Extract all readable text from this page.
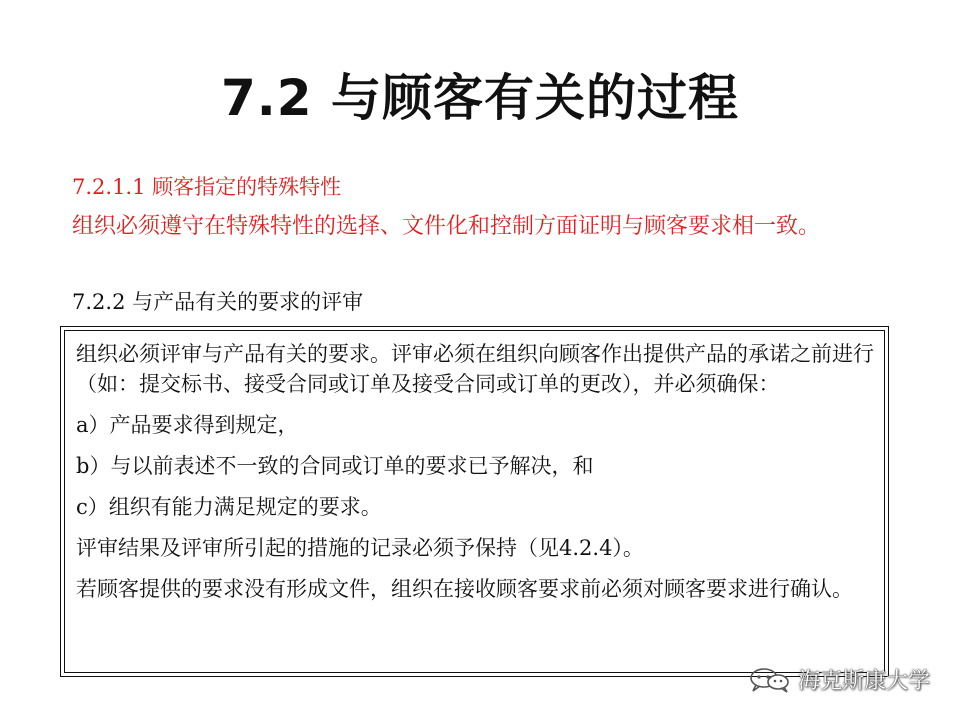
7.2 与顾客有关的过程
7.2.1.1 顾客指定的特殊特性
组织必须遵守在特殊特性的选择、文件化和控制方面证明与顾客要求相一致。
7.2.2 与产品有关的要求的评审

组织必须评审与产品有关的要求。评审必须在组织向顾客作出提供产品的承诺之前进行（如：提交标书、接受合同或订单及接受合同或订单的更改），并必须确保：

a）产品要求得到规定，

b）与以前表述不一致的合同或订单的要求已予解决，和

c）组织有能力满足规定的要求。

评审结果及评审所引起的措施的记录必须予保持（见4.2.4）。

若顾客提供的要求没有形成文件，组织在接收顾客要求前必须对顾客要求进行确认。

海克斯康大学
